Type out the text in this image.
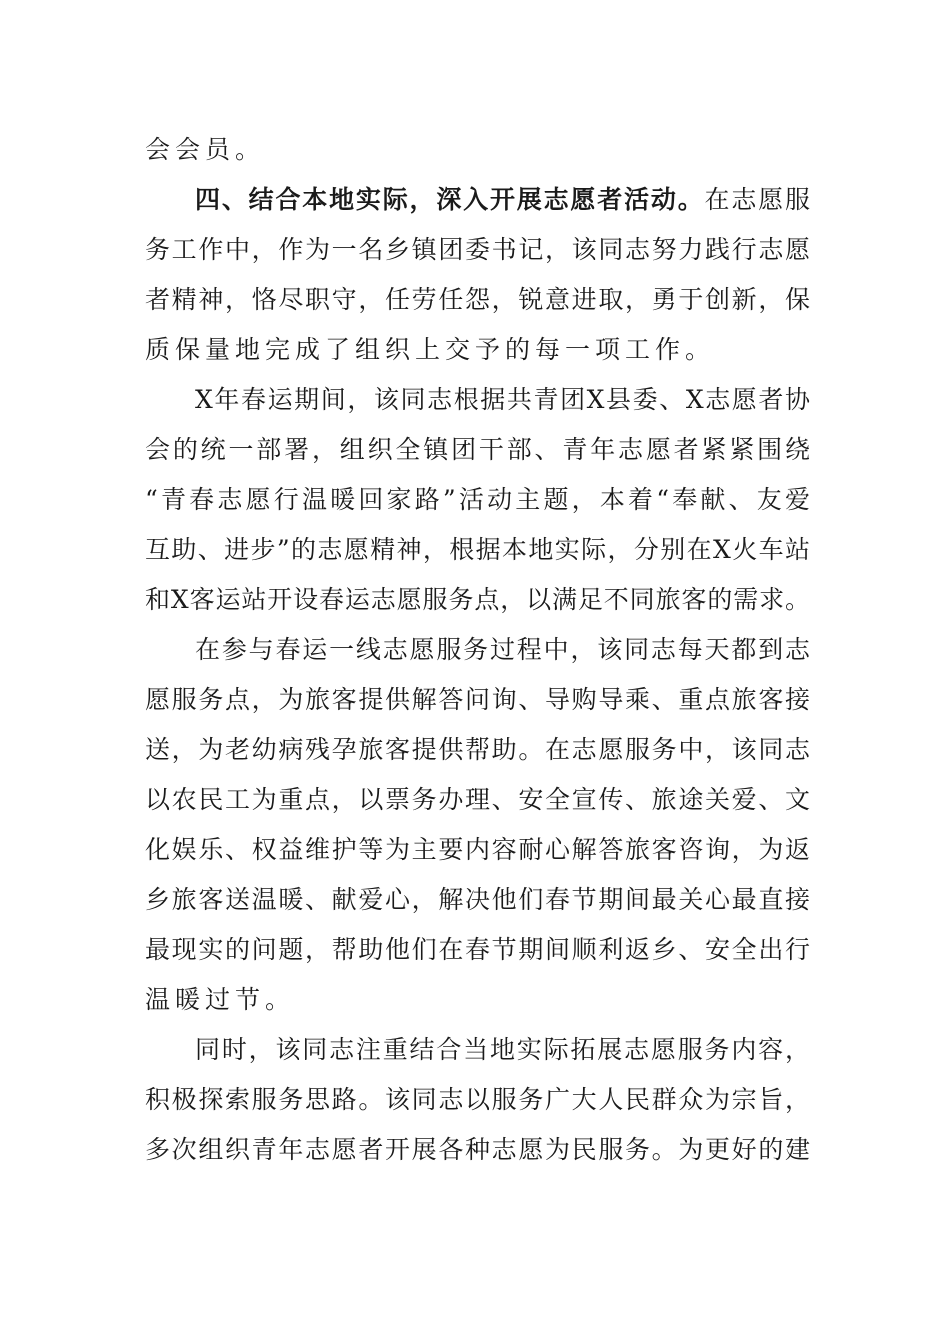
会会员。
四、结合本地实际，深入开展志愿者活动。在志愿服
务工作中，作为一名乡镇团委书记，该同志努力践行志愿
者精神，恪尽职守，任劳任怨，锐意进取，勇于创新，保
质保量地完成了组织上交予的每一项工作。
X年春运期间，该同志根据共青团X县委、X志愿者协
会的统一部署，组织全镇团干部、青年志愿者紧紧围绕
“青春志愿行温暖回家路”活动主题，本着“奉献、友爱
互助、进步”的志愿精神，根据本地实际，分别在X火车站
和X客运站开设春运志愿服务点，以满足不同旅客的需求。
在参与春运一线志愿服务过程中，该同志每天都到志
愿服务点，为旅客提供解答问询、导购导乘、重点旅客接
送，为老幼病残孕旅客提供帮助。在志愿服务中，该同志
以农民工为重点，以票务办理、安全宣传、旅途关爱、文
化娱乐、权益维护等为主要内容耐心解答旅客咨询，为返
乡旅客送温暖、献爱心，解决他们春节期间最关心最直接
最现实的问题，帮助他们在春节期间顺利返乡、安全出行
温暖过节。
同时，该同志注重结合当地实际拓展志愿服务内容，
积极探索服务思路。该同志以服务广大人民群众为宗旨，
多次组织青年志愿者开展各种志愿为民服务。为更好的建
